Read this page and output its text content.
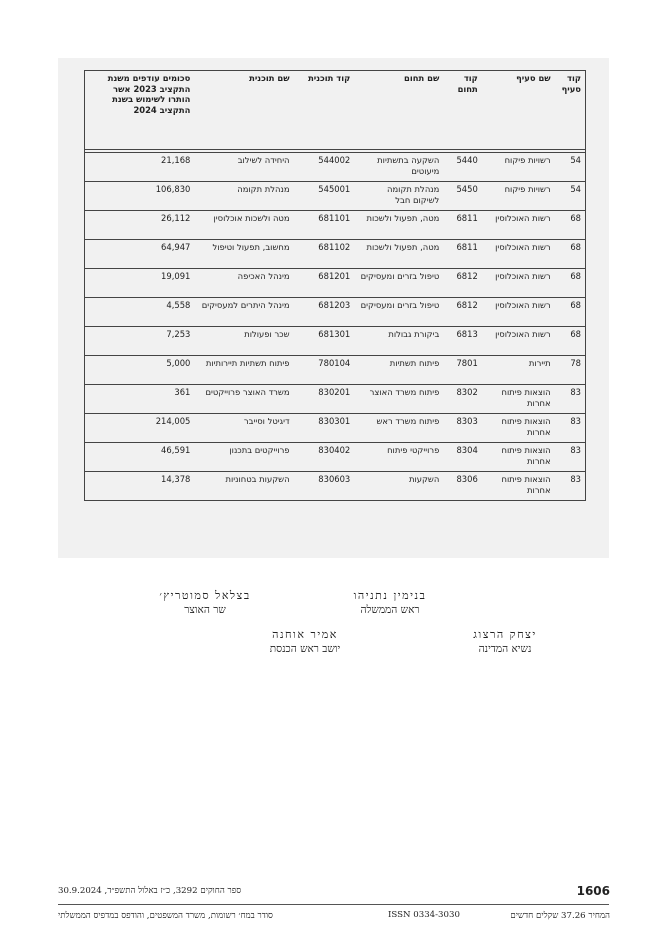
קוד סעיף	שם סעיף	קוד תחום	שם תחום	קוד תוכנית	שם תוכנית	סכומים עודפים משנת התקציב 2023 אשר הותרו לשימוש בשנת התקציב 2024

54	רשויות פיקוח	5440	השקעה בתשתיות מיעוטים	544002	היחידה לשילוב	21,168
54	רשויות פיקוח	5450	מנהלת תקומה לשיקום חבל	545001	מנהלת תקומה	106,830
68	רשות האוכלוסין	6811	מטה, תפעול ולשכות	681101	מטה ולשכות אוכלוסין	26,112
68	רשות האוכלוסין	6811	מטה, תפעול ולשכות	681102	מחשוב, תפעול וטיפול	64,947
68	רשות האוכלוסין	6812	טיפול בזרים ומעסיקים	681201	מינהל האכיפה	19,091
68	רשות האוכלוסין	6812	טיפול בזרים ומעסיקים	681203	מינהל היתרים למעסיקים	4,558
68	רשות האוכלוסין	6813	ביקורת גבולות	681301	שכר ופעולות	7,253
78	תיירות	7801	פיתוח תשתיות	780104	פיתוח תשתיות תיירותיות	5,000
83	הוצאות פיתוח אחרות	8302	פיתוח משרד האוצר	830201	משרד האוצר פרוייקטים	361
83	הוצאות פיתוח אחרות	8303	פיתוח משרד ראש	830301	דיגיטל וסייבר	214,005
83	הוצאות פיתוח אחרות	8304	פרוייקטי פיתוח	830402	פרוייקטים בתכנון	46,591
83	הוצאות פיתוח אחרות	8306	השקעות	830603	השקעות בטחוניות	14,378
בצלאל סמוטריץ׳
שר האוצר
בנימין נתניהו
ראש הממשלה
אמיר אוחנה
יושב ראש הכנסת
יצחק הרצוג
נשיא המדינה
1606
ספר החוקים 3292, כ״ז באלול התשפ״ד, 30.9.2024
המחיר 37.26 שקלים חדשים
ISSN 0334-3030
סודר במח׳ רשומות, משרד המשפטים, והודפס במדפיס הממשלתי
